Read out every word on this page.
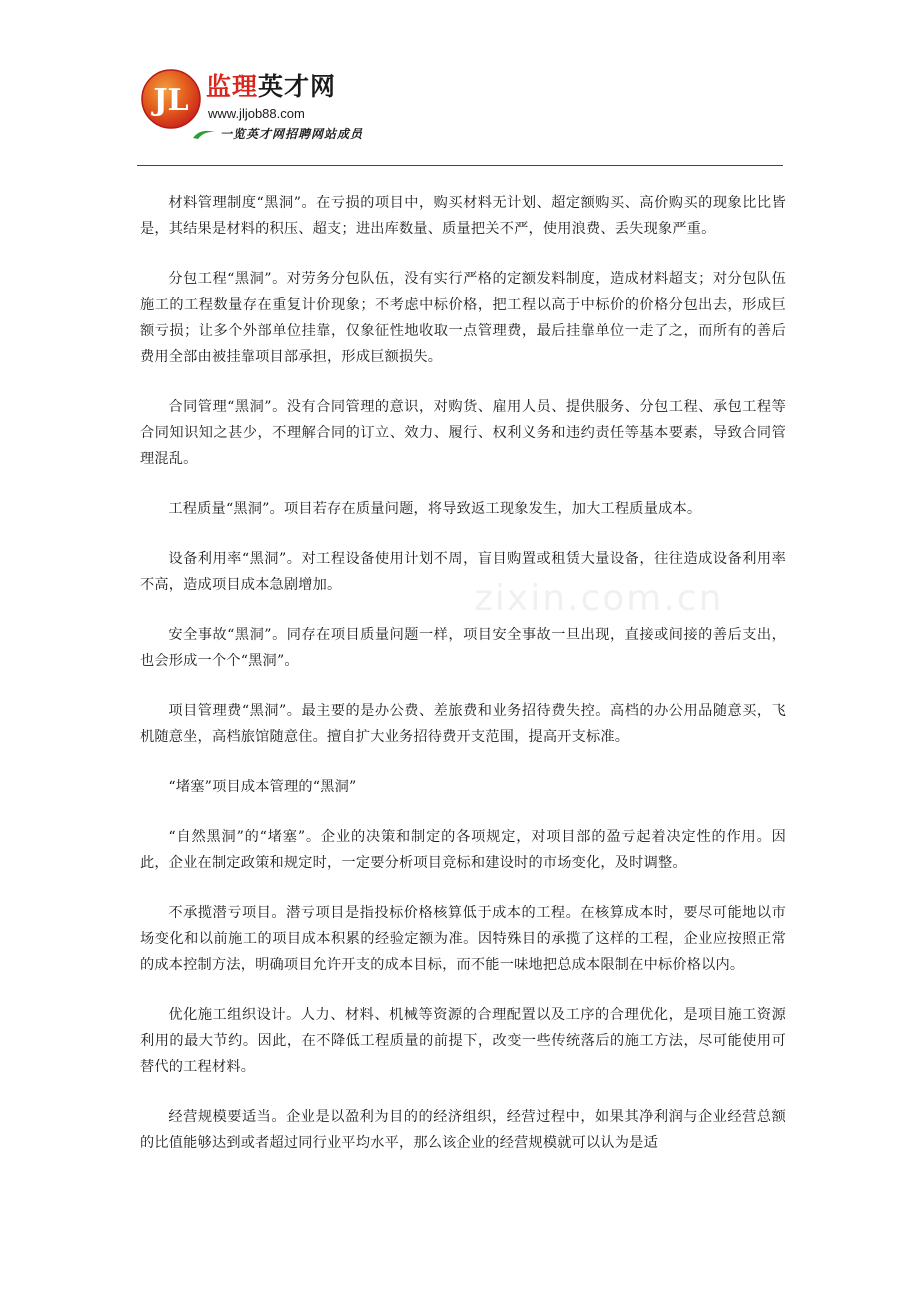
JL 监理英才网
www.jljob88.com
一览英才网招聘网站成员
zixin.com.cn

材料管理制度“黑洞”。在亏损的项目中，购买材料无计划、超定额购买、高价购买的现象比比皆是，其结果是材料的积压、超支；进出库数量、质量把关不严，使用浪费、丢失现象严重。

分包工程“黑洞”。对劳务分包队伍，没有实行严格的定额发料制度，造成材料超支；对分包队伍施工的工程数量存在重复计价现象；不考虑中标价格，把工程以高于中标价的价格分包出去，形成巨额亏损；让多个外部单位挂靠，仅象征性地收取一点管理费，最后挂靠单位一走了之，而所有的善后费用全部由被挂靠项目部承担，形成巨额损失。

合同管理“黑洞”。没有合同管理的意识，对购货、雇用人员、提供服务、分包工程、承包工程等合同知识知之甚少，不理解合同的订立、效力、履行、权利义务和违约责任等基本要素，导致合同管理混乱。

工程质量“黑洞”。项目若存在质量问题，将导致返工现象发生，加大工程质量成本。

设备利用率“黑洞”。对工程设备使用计划不周，盲目购置或租赁大量设备，往往造成设备利用率不高，造成项目成本急剧增加。

安全事故“黑洞”。同存在项目质量问题一样，项目安全事故一旦出现，直接或间接的善后支出，也会形成一个个“黑洞”。

项目管理费“黑洞”。最主要的是办公费、差旅费和业务招待费失控。高档的办公用品随意买，飞机随意坐，高档旅馆随意住。擅自扩大业务招待费开支范围，提高开支标准。

“堵塞”项目成本管理的“黑洞”

“自然黑洞”的“堵塞”。企业的决策和制定的各项规定，对项目部的盈亏起着决定性的作用。因此，企业在制定政策和规定时，一定要分析项目竞标和建设时的市场变化，及时调整。

不承揽潜亏项目。潜亏项目是指投标价格核算低于成本的工程。在核算成本时，要尽可能地以市场变化和以前施工的项目成本积累的经验定额为准。因特殊目的承揽了这样的工程，企业应按照正常的成本控制方法，明确项目允许开支的成本目标，而不能一味地把总成本限制在中标价格以内。

优化施工组织设计。人力、材料、机械等资源的合理配置以及工序的合理优化，是项目施工资源利用的最大节约。因此，在不降低工程质量的前提下，改变一些传统落后的施工方法，尽可能使用可替代的工程材料。

经营规模要适当。企业是以盈利为目的的经济组织，经营过程中，如果其净利润与企业经营总额的比值能够达到或者超过同行业平均水平，那么该企业的经营规模就可以认为是适
